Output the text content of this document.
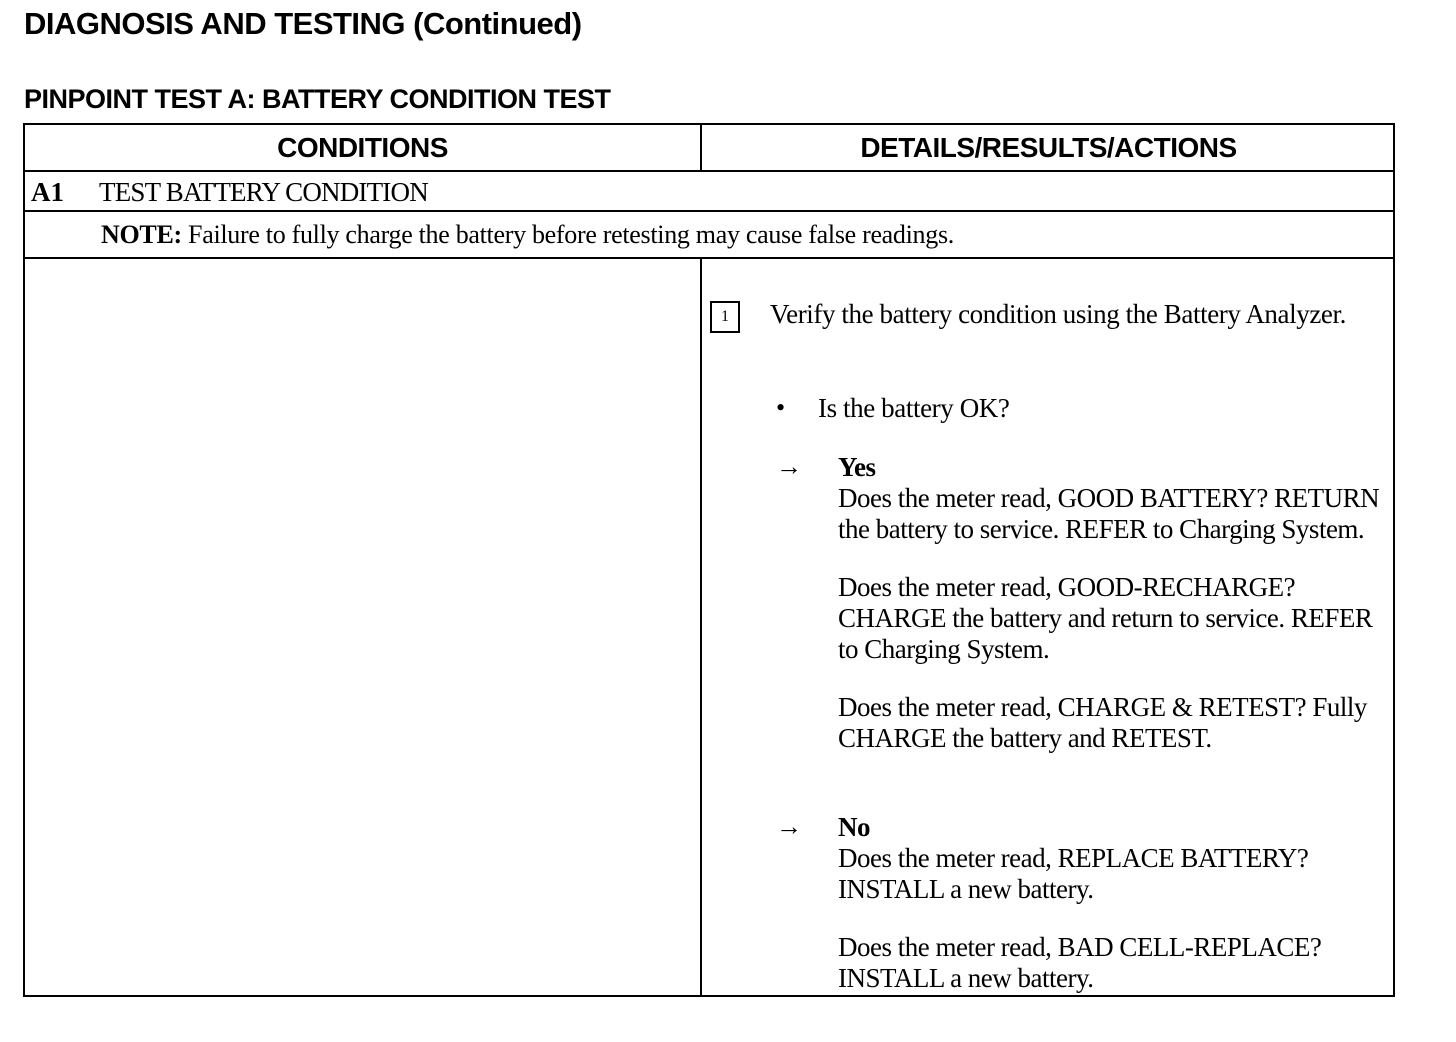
DIAGNOSIS AND TESTING (Continued)
PINPOINT TEST A: BATTERY CONDITION TEST
CONDITIONS	DETAILS/RESULTS/ACTIONS
A1 TEST BATTERY CONDITION
NOTE: Failure to fully charge the battery before retesting may cause false readings.
1	Verify the battery condition using the Battery Analyzer.

• Is the battery OK?
→ Yes

Does the meter read, GOOD BATTERY? RETURN the battery to service. REFER to Charging System.

Does the meter read, GOOD-RECHARGE? CHARGE the battery and return to service. REFER to Charging System.

Does the meter read, CHARGE & RETEST? Fully CHARGE the battery and RETEST.

→ No

Does the meter read, REPLACE BATTERY? INSTALL a new battery.

Does the meter read, BAD CELL-REPLACE? INSTALL a new battery.
